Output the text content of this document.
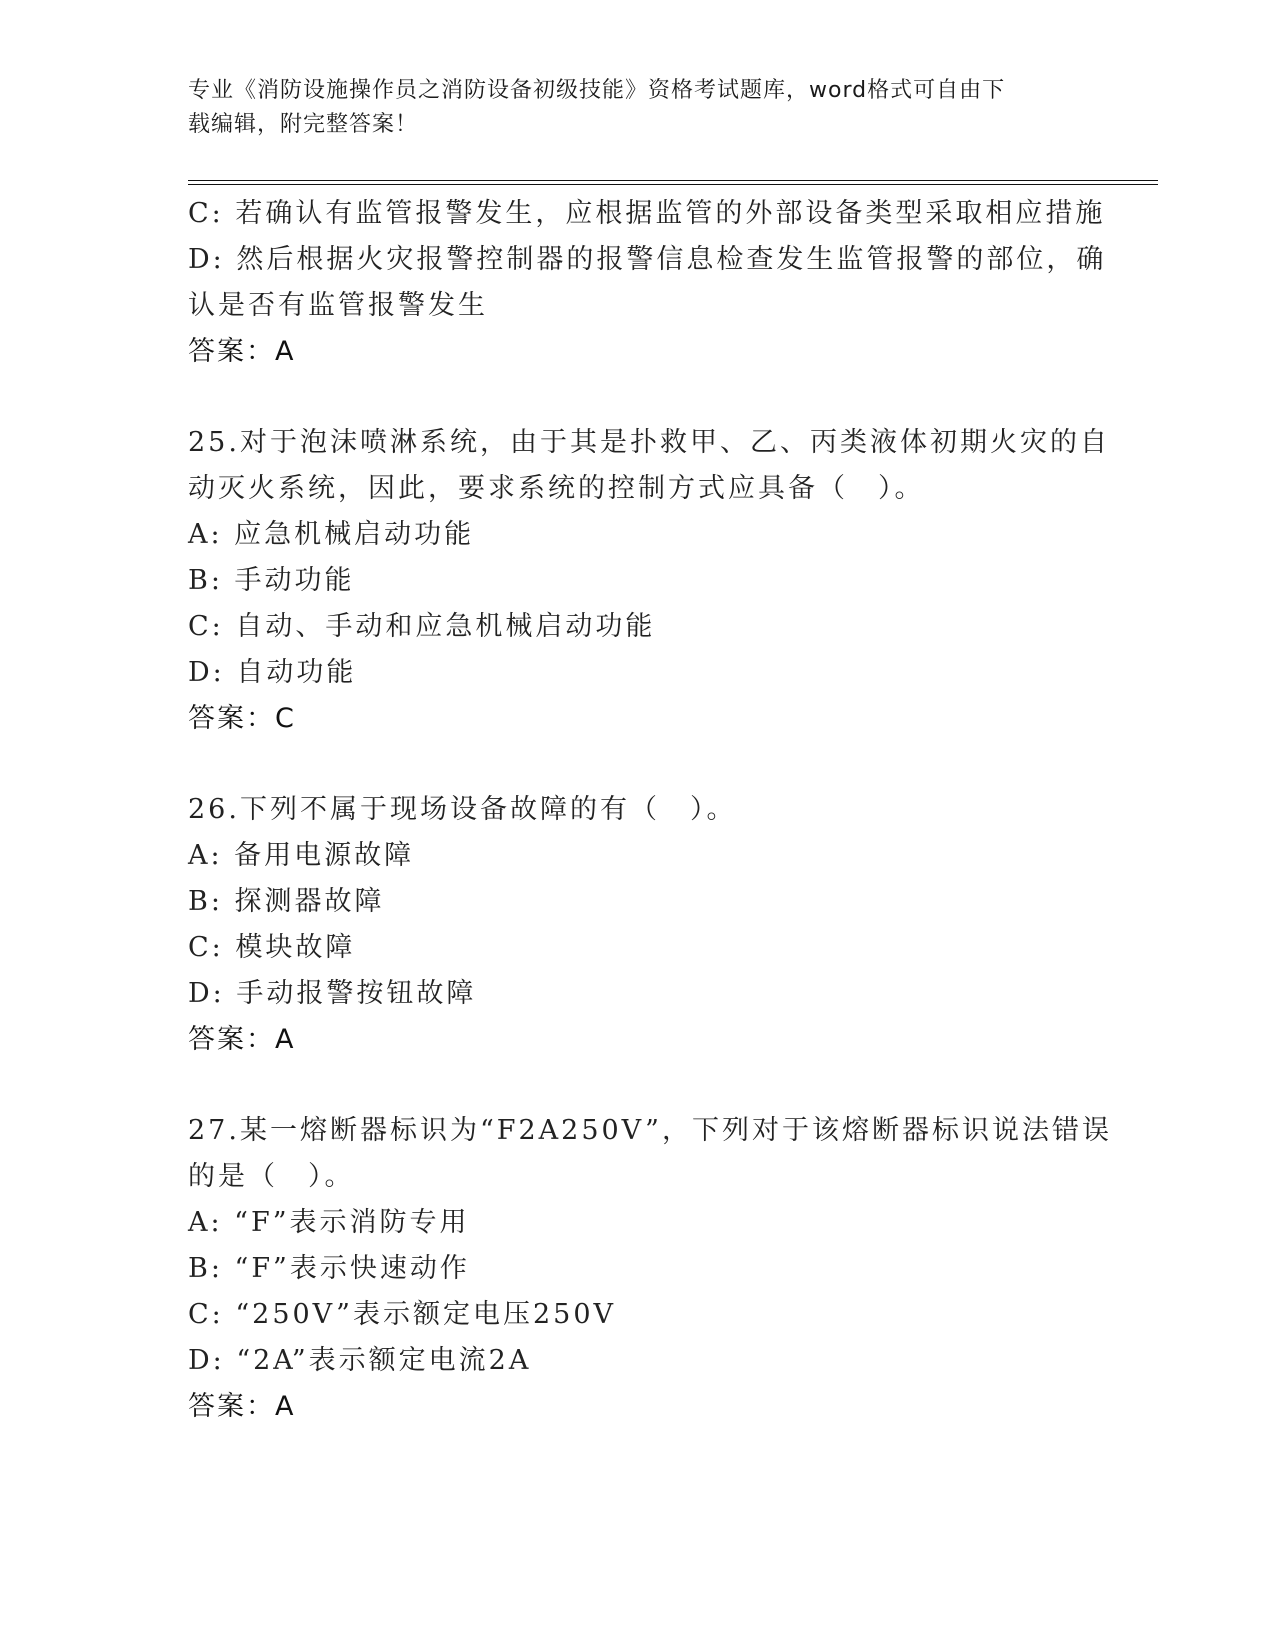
专业《消防设施操作员之消防设备初级技能》资格考试题库，word格式可自由下
载编辑，附完整答案！
C: 若确认有监管报警发生，应根据监管的外部设备类型采取相应措施
D: 然后根据火灾报警控制器的报警信息检查发生监管报警的部位，确
认是否有监管报警发生
答案：A
25.对于泡沫喷淋系统，由于其是扑救甲、乙、丙类液体初期火灾的自
动灭火系统，因此，要求系统的控制方式应具备（　）。
A: 应急机械启动功能
B: 手动功能
C: 自动、手动和应急机械启动功能
D: 自动功能
答案：C
26.下列不属于现场设备故障的有（　）。
A: 备用电源故障
B: 探测器故障
C: 模块故障
D: 手动报警按钮故障
答案：A
27.某一熔断器标识为“F2A250V”，下列对于该熔断器标识说法错误
的是（　）。
A: “F”表示消防专用
B: “F”表示快速动作
C: “250V”表示额定电压250V
D: “2A”表示额定电流2A
答案：A
